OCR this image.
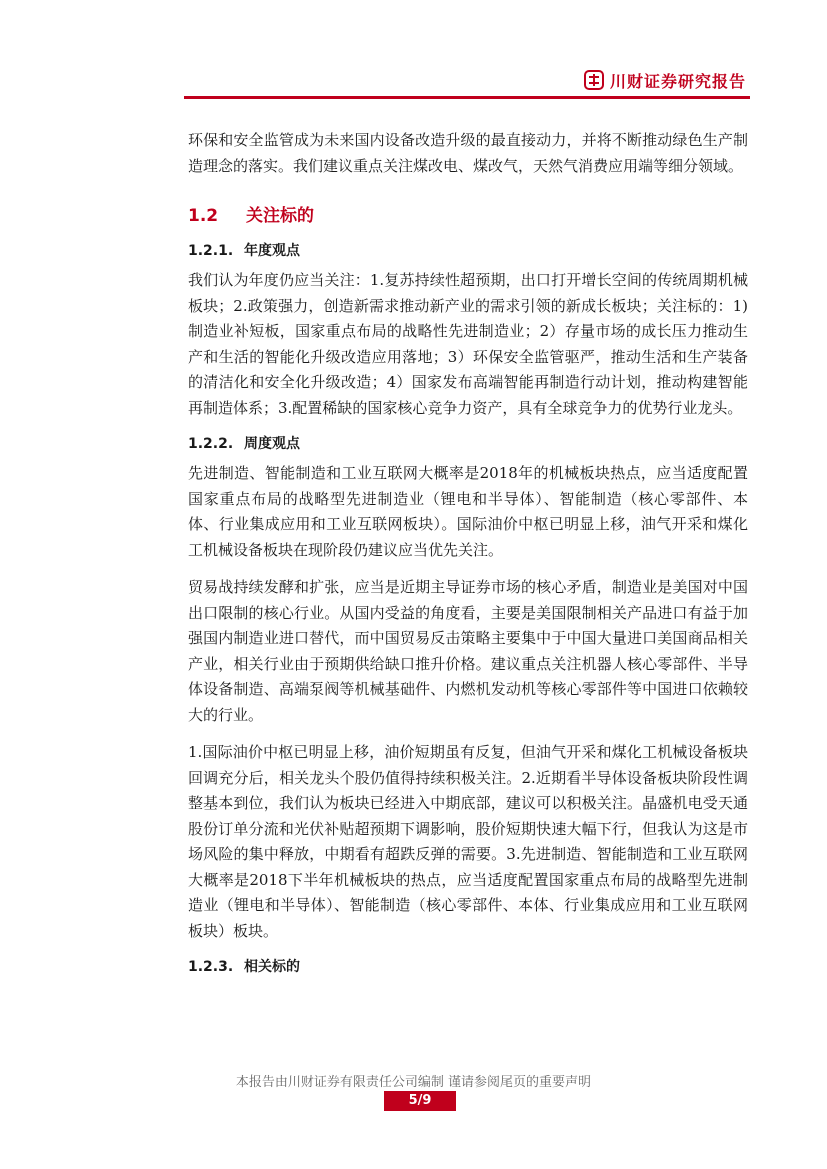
川财证券研究报告

环保和安全监管成为未来国内设备改造升级的最直接动力，并将不断推动绿色生产制造理念的落实。我们建议重点关注煤改电、煤改气，天然气消费应用端等细分领域。

1.2 关注标的
1.2.1. 年度观点

我们认为年度仍应当关注：1.复苏持续性超预期，出口打开增长空间的传统周期机械板块；2.政策强力，创造新需求推动新产业的需求引领的新成长板块；关注标的：1)制造业补短板，国家重点布局的战略性先进制造业；2）存量市场的成长压力推动生产和生活的智能化升级改造应用落地；3）环保安全监管驱严，推动生活和生产装备的清洁化和安全化升级改造；4）国家发布高端智能再制造行动计划，推动构建智能再制造体系；3.配置稀缺的国家核心竞争力资产，具有全球竞争力的优势行业龙头。

1.2.2. 周度观点

先进制造、智能制造和工业互联网大概率是2018年的机械板块热点，应当适度配置国家重点布局的战略型先进制造业（锂电和半导体）、智能制造（核心零部件、本体、行业集成应用和工业互联网板块）。国际油价中枢已明显上移，油气开采和煤化工机械设备板块在现阶段仍建议应当优先关注。

贸易战持续发酵和扩张，应当是近期主导证券市场的核心矛盾，制造业是美国对中国出口限制的核心行业。从国内受益的角度看，主要是美国限制相关产品进口有益于加强国内制造业进口替代，而中国贸易反击策略主要集中于中国大量进口美国商品相关产业，相关行业由于预期供给缺口推升价格。建议重点关注机器人核心零部件、半导体设备制造、高端泵阀等机械基础件、内燃机发动机等核心零部件等中国进口依赖较大的行业。

1.国际油价中枢已明显上移，油价短期虽有反复，但油气开采和煤化工机械设备板块回调充分后，相关龙头个股仍值得持续积极关注。2.近期看半导体设备板块阶段性调整基本到位，我们认为板块已经进入中期底部，建议可以积极关注。晶盛机电受天通股份订单分流和光伏补贴超预期下调影响，股价短期快速大幅下行，但我认为这是市场风险的集中释放，中期看有超跌反弹的需要。3.先进制造、智能制造和工业互联网大概率是2018下半年机械板块的热点，应当适度配置国家重点布局的战略型先进制造业（锂电和半导体）、智能制造（核心零部件、本体、行业集成应用和工业互联网板块）板块。

1.2.3. 相关标的
本报告由川财证券有限责任公司编制 谨请参阅尾页的重要声明
5/9
